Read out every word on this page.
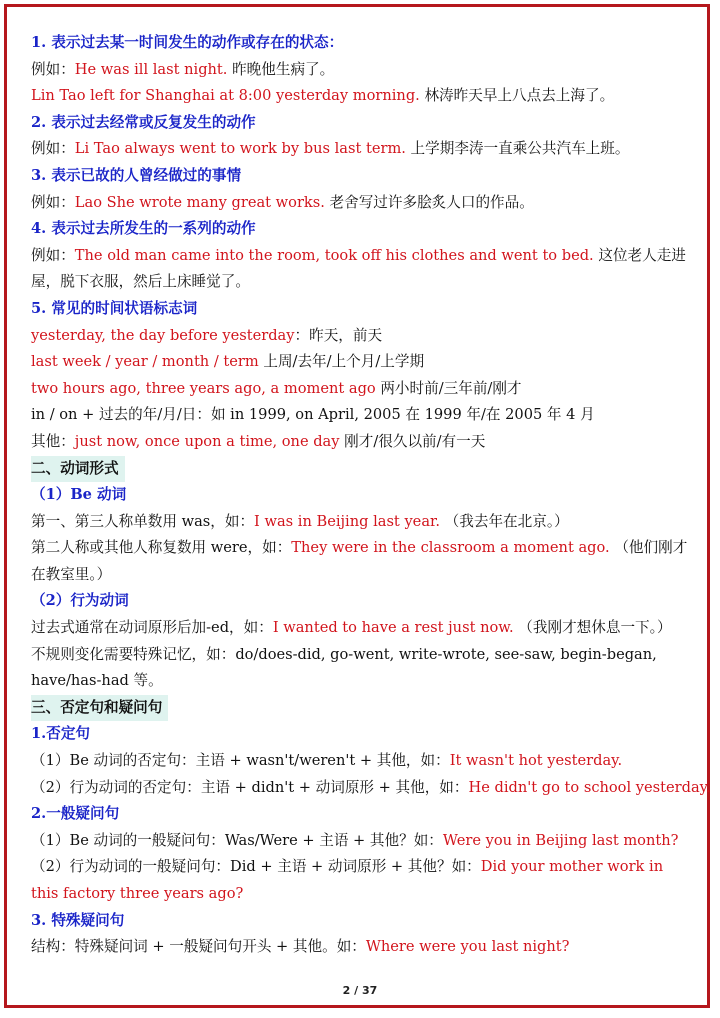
1. 表示过去某一时间发生的动作或存在的状态：
例如：He was ill last night. 昨晚他生病了。
Lin Tao left for Shanghai at 8:00 yesterday morning. 林涛昨天早上八点去上海了。
2. 表示过去经常或反复发生的动作
例如：Li Tao always went to work by bus last term. 上学期李涛一直乘公共汽车上班。
3. 表示已故的人曾经做过的事情
例如：Lao She wrote many great works. 老舍写过许多脍炙人口的作品。
4. 表示过去所发生的一系列的动作
例如：The old man came into the room, took off his clothes and went to bed. 这位老人走进屋，脱下衣服，然后上床睡觉了。
5. 常见的时间状语标志词
yesterday, the day before yesterday：昨天，前天
last week / year / month / term 上周/去年/上个月/上学期
two hours ago, three years ago, a moment ago 两小时前/三年前/刚才
in / on + 过去的年/月/日：如 in 1999, on April, 2005 在 1999 年/在 2005 年 4 月
其他：just now, once upon a time, one day 刚才/很久以前/有一天
二、动词形式
（1）Be 动词
第一、第三人称单数用 was，如：I was in Beijing last year. （我去年在北京。）
第二人称或其他人称复数用 were，如：They were in the classroom a moment ago. （他们刚才在教室里。）
（2）行为动词
过去式通常在动词原形后加-ed，如：I wanted to have a rest just now. （我刚才想休息一下。）
不规则变化需要特殊记忆，如：do/does-did, go-went, write-wrote, see-saw, begin-began, have/has-had 等。
三、否定句和疑问句
1.否定句
（1）Be 动词的否定句：主语 + wasn't/weren't + 其他，如：It wasn't hot yesterday.
（2）行为动词的否定句：主语 + didn't + 动词原形 + 其他，如：He didn't go to school yesterday.
2.一般疑问句
（1）Be 动词的一般疑问句：Was/Were + 主语 + 其他？如：Were you in Beijing last month?
（2）行为动词的一般疑问句：Did + 主语 + 动词原形 + 其他？如：Did your mother work in this factory three years ago?
3. 特殊疑问句
结构：特殊疑问词 + 一般疑问句开头 + 其他。如：Where were you last night?
2 / 37
